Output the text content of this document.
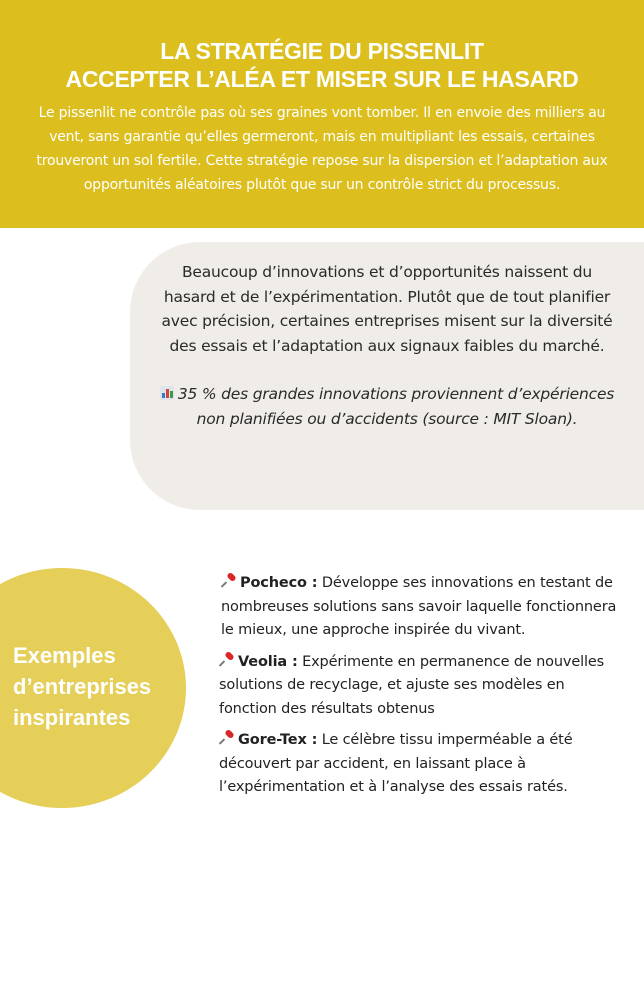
LA STRATÉGIE DU PISSENLIT
ACCEPTER L’ALÉA ET MISER SUR LE HASARD

Le pissenlit ne contrôle pas où ses graines vont tomber. Il en envoie des milliers au vent, sans garantie qu’elles germeront, mais en multipliant les essais, certaines trouveront un sol fertile. Cette stratégie repose sur la dispersion et l’adaptation aux opportunités aléatoires plutôt que sur un contrôle strict du processus.

Beaucoup d’innovations et d’opportunités naissent du hasard et de l’expérimentation. Plutôt que de tout planifier avec précision, certaines entreprises misent sur la diversité des essais et l’adaptation aux signaux faibles du marché.

35 % des grandes innovations proviennent d’expériences non planifiées ou d’accidents (source : MIT Sloan).

Exemples d’entreprises inspirantes

Pocheco : Développe ses innovations en testant de nombreuses solutions sans savoir laquelle fonctionnera le mieux, une approche inspirée du vivant.

Veolia : Expérimente en permanence de nouvelles solutions de recyclage, et ajuste ses modèles en fonction des résultats obtenus

Gore-Tex : Le célèbre tissu imperméable a été découvert par accident, en laissant place à l’expérimentation et à l’analyse des essais ratés.
